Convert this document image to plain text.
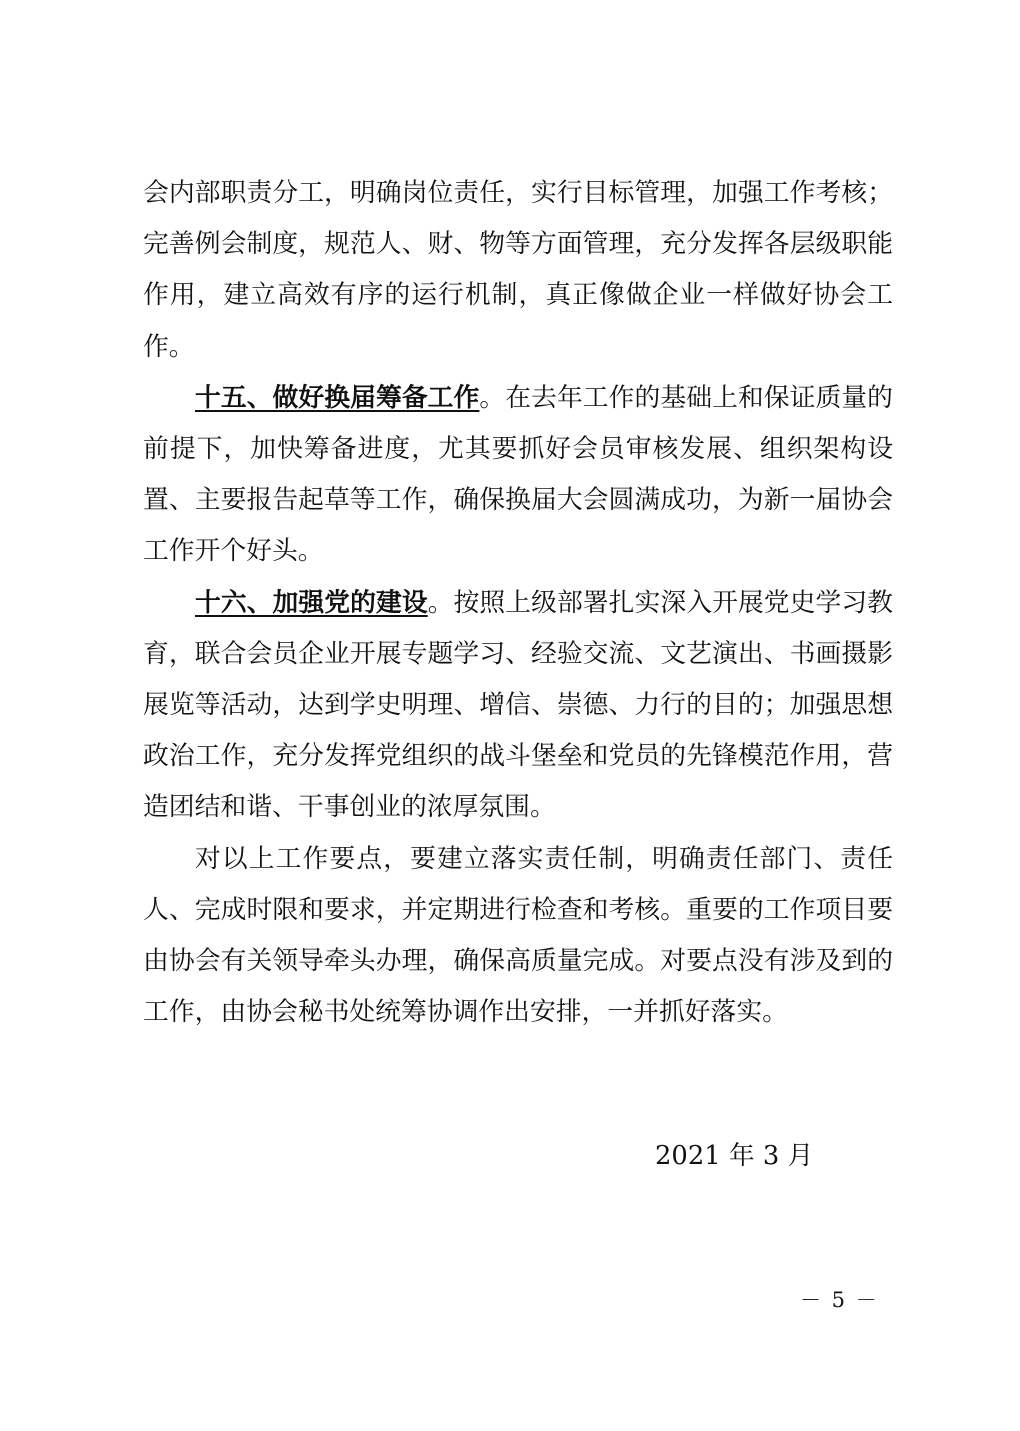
会内部职责分工，明确岗位责任，实行目标管理，加强工作考核；完善例会制度，规范人、财、物等方面管理，充分发挥各层级职能作用，建立高效有序的运行机制，真正像做企业一样做好协会工作。

十五、做好换届筹备工作。在去年工作的基础上和保证质量的前提下，加快筹备进度，尤其要抓好会员审核发展、组织架构设置、主要报告起草等工作，确保换届大会圆满成功，为新一届协会工作开个好头。

十六、加强党的建设。按照上级部署扎实深入开展党史学习教育，联合会员企业开展专题学习、经验交流、文艺演出、书画摄影展览等活动，达到学史明理、增信、崇德、力行的目的；加强思想政治工作，充分发挥党组织的战斗堡垒和党员的先锋模范作用，营造团结和谐、干事创业的浓厚氛围。

对以上工作要点，要建立落实责任制，明确责任部门、责任人、完成时限和要求，并定期进行检查和考核。重要的工作项目要由协会有关领导牵头办理，确保高质量完成。对要点没有涉及到的工作，由协会秘书处统筹协调作出安排，一并抓好落实。

2021 年 3 月
－ 5 －
